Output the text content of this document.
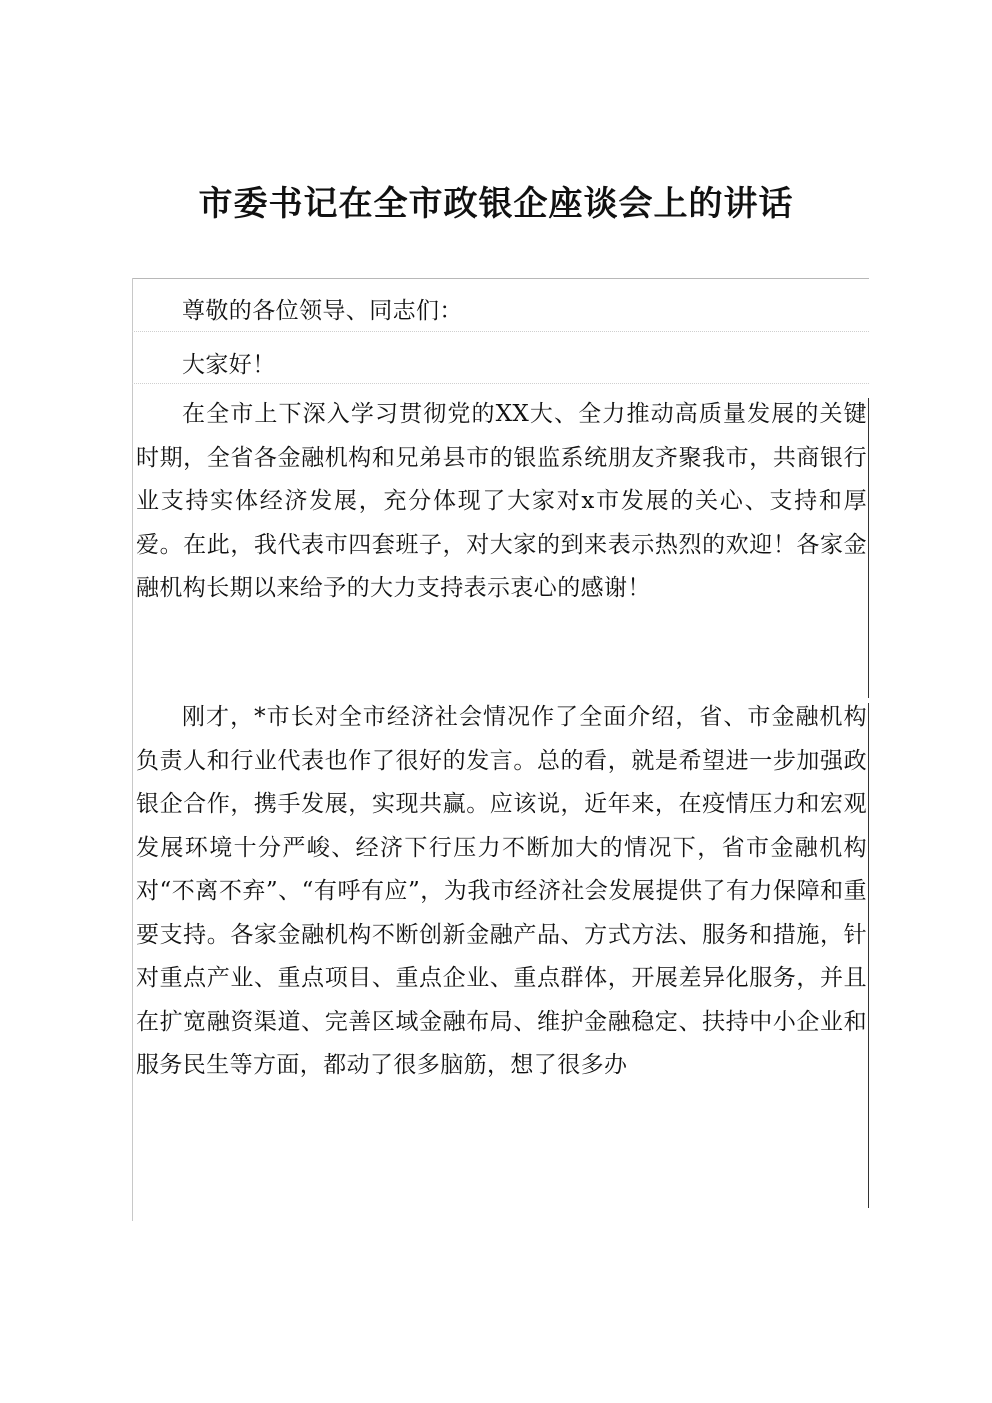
市委书记在全市政银企座谈会上的讲话

尊敬的各位领导、同志们：

大家好！

在全市上下深入学习贯彻党的XX大、全力推动高质量发展的关键时期，全省各金融机构和兄弟县市的银监系统朋友齐聚我市，共商银行业支持实体经济发展，充分体现了大家对x市发展的关心、支持和厚爱。在此，我代表市四套班子，对大家的到来表示热烈的欢迎！各家金融机构长期以来给予的大力支持表示衷心的感谢！

刚才，*市长对全市经济社会情况作了全面介绍，省、市金融机构负责人和行业代表也作了很好的发言。总的看，就是希望进一步加强政银企合作，携手发展，实现共赢。应该说，近年来，在疫情压力和宏观发展环境十分严峻、经济下行压力不断加大的情况下，省市金融机构对“不离不弃”、“有呼有应”，为我市经济社会发展提供了有力保障和重要支持。各家金融机构不断创新金融产品、方式方法、服务和措施，针对重点产业、重点项目、重点企业、重点群体，开展差异化服务，并且在扩宽融资渠道、完善区域金融布局、维护金融稳定、扶持中小企业和服务民生等方面，都动了很多脑筋，想了很多办
